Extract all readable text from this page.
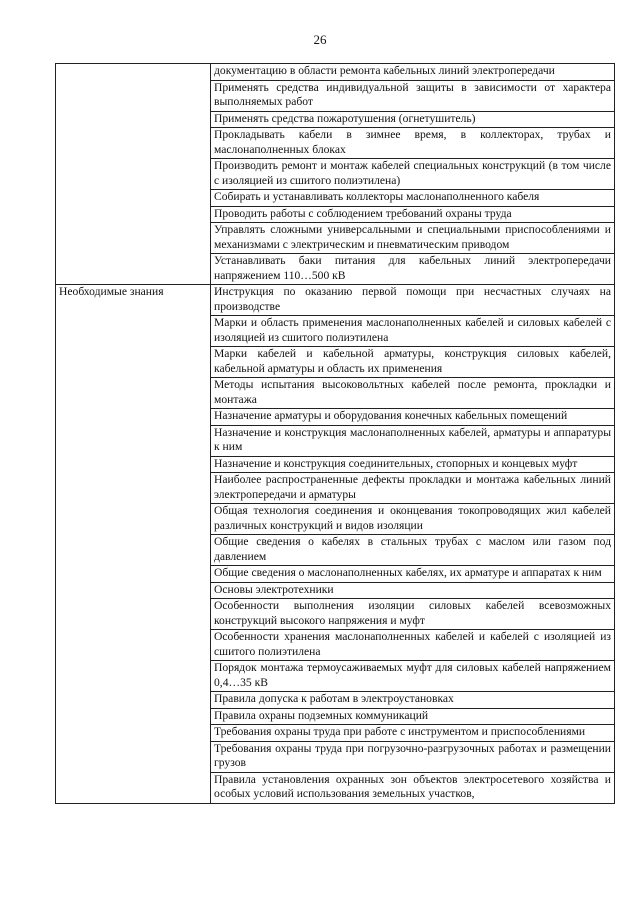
26
	документацию в области ремонта кабельных линий электропередачи
	Применять средства индивидуальной защиты в зависимости от характера выполняемых работ
	Применять средства пожаротушения (огнетушитель)
	Прокладывать кабели в зимнее время, в коллекторах, трубах и маслонаполненных блоках
	Производить ремонт и монтаж кабелей специальных конструкций (в том числе с изоляцией из сшитого полиэтилена)
	Собирать и устанавливать коллекторы маслонаполненного кабеля
	Проводить работы с соблюдением требований охраны труда
	Управлять сложными универсальными и специальными приспособлениями и механизмами с электрическим и пневматическим приводом
	Устанавливать баки питания для кабельных линий электропередачи напряжением 110…500 кВ
Необходимые знания	Инструкция по оказанию первой помощи при несчастных случаях на производстве
	Марки и область применения маслонаполненных кабелей и силовых кабелей с изоляцией из сшитого полиэтилена
	Марки кабелей и кабельной арматуры, конструкция силовых кабелей, кабельной арматуры и область их применения
	Методы испытания высоковольтных кабелей после ремонта, прокладки и монтажа
	Назначение арматуры и оборудования конечных кабельных помещений
	Назначение и конструкция маслонаполненных кабелей, арматуры и аппаратуры к ним
	Назначение и конструкция соединительных, стопорных и концевых муфт
	Наиболее распространенные дефекты прокладки и монтажа кабельных линий электропередачи и арматуры
	Общая технология соединения и оконцевания токопроводящих жил кабелей различных конструкций и видов изоляции
	Общие сведения о кабелях в стальных трубах с маслом или газом под давлением
	Общие сведения о маслонаполненных кабелях, их арматуре и аппаратах к ним
	Основы электротехники
	Особенности выполнения изоляции силовых кабелей всевозможных конструкций высокого напряжения и муфт
	Особенности хранения маслонаполненных кабелей и кабелей с изоляцией из сшитого полиэтилена
	Порядок монтажа термоусаживаемых муфт для силовых кабелей напряжением 0,4…35 кВ
	Правила допуска к работам в электроустановках
	Правила охраны подземных коммуникаций
	Требования охраны труда при работе с инструментом и приспособлениями
	Требования охраны труда при погрузочно-разгрузочных работах и размещении грузов
	Правила установления охранных зон объектов электросетевого хозяйства и особых условий использования земельных участков,
